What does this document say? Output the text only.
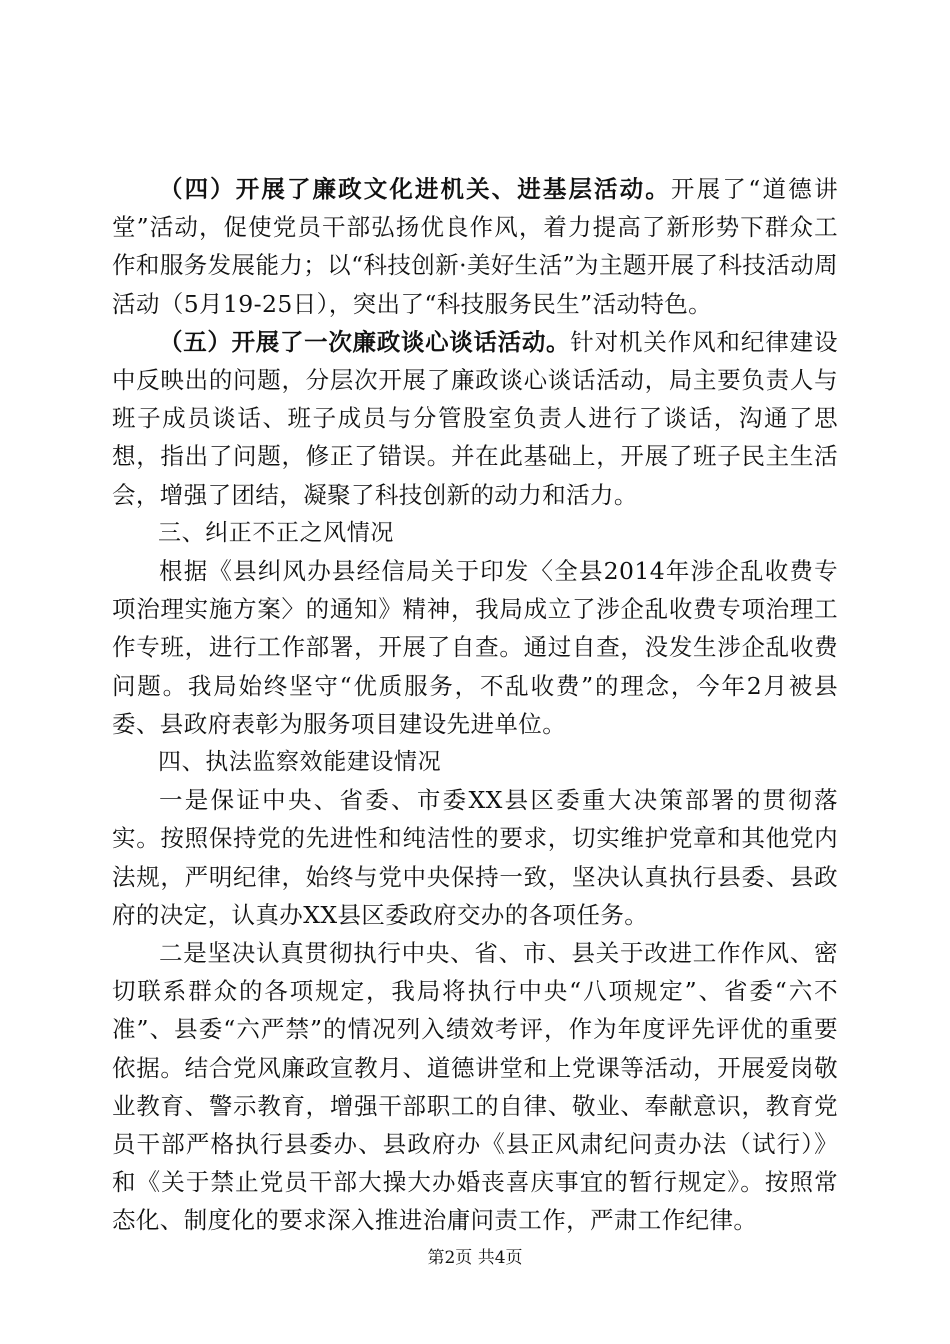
（四）开展了廉政文化进机关、进基层活动。开展了“道德讲堂”活动，促使党员干部弘扬优良作风，着力提高了新形势下群众工作和服务发展能力；以“科技创新·美好生活”为主题开展了科技活动周活动（5月19-25日），突出了“科技服务民生”活动特色。

（五）开展了一次廉政谈心谈话活动。针对机关作风和纪律建设中反映出的问题，分层次开展了廉政谈心谈话活动，局主要负责人与班子成员谈话、班子成员与分管股室负责人进行了谈话，沟通了思想，指出了问题，修正了错误。并在此基础上，开展了班子民主生活会，增强了团结，凝聚了科技创新的动力和活力。

三、纠正不正之风情况

根据《县纠风办县经信局关于印发〈全县2014年涉企乱收费专项治理实施方案〉的通知》精神，我局成立了涉企乱收费专项治理工作专班，进行工作部署，开展了自查。通过自查，没发生涉企乱收费问题。我局始终坚守“优质服务，不乱收费”的理念，今年2月被县委、县政府表彰为服务项目建设先进单位。

四、执法监察效能建设情况

一是保证中央、省委、市委XX县区委重大决策部署的贯彻落实。按照保持党的先进性和纯洁性的要求，切实维护党章和其他党内法规，严明纪律，始终与党中央保持一致，坚决认真执行县委、县政府的决定，认真办XX县区委政府交办的各项任务。

二是坚决认真贯彻执行中央、省、市、县关于改进工作作风、密切联系群众的各项规定，我局将执行中央“八项规定”、省委“六不准”、县委“六严禁”的情况列入绩效考评，作为年度评先评优的重要依据。结合党风廉政宣教月、道德讲堂和上党课等活动，开展爱岗敬业教育、警示教育，增强干部职工的自律、敬业、奉献意识，教育党员干部严格执行县委办、县政府办《县正风肃纪问责办法（试行）》和《关于禁止党员干部大操大办婚丧喜庆事宜的暂行规定》。按照常态化、制度化的要求深入推进治庸问责工作，严肃工作纪律。

第2页 共4页
